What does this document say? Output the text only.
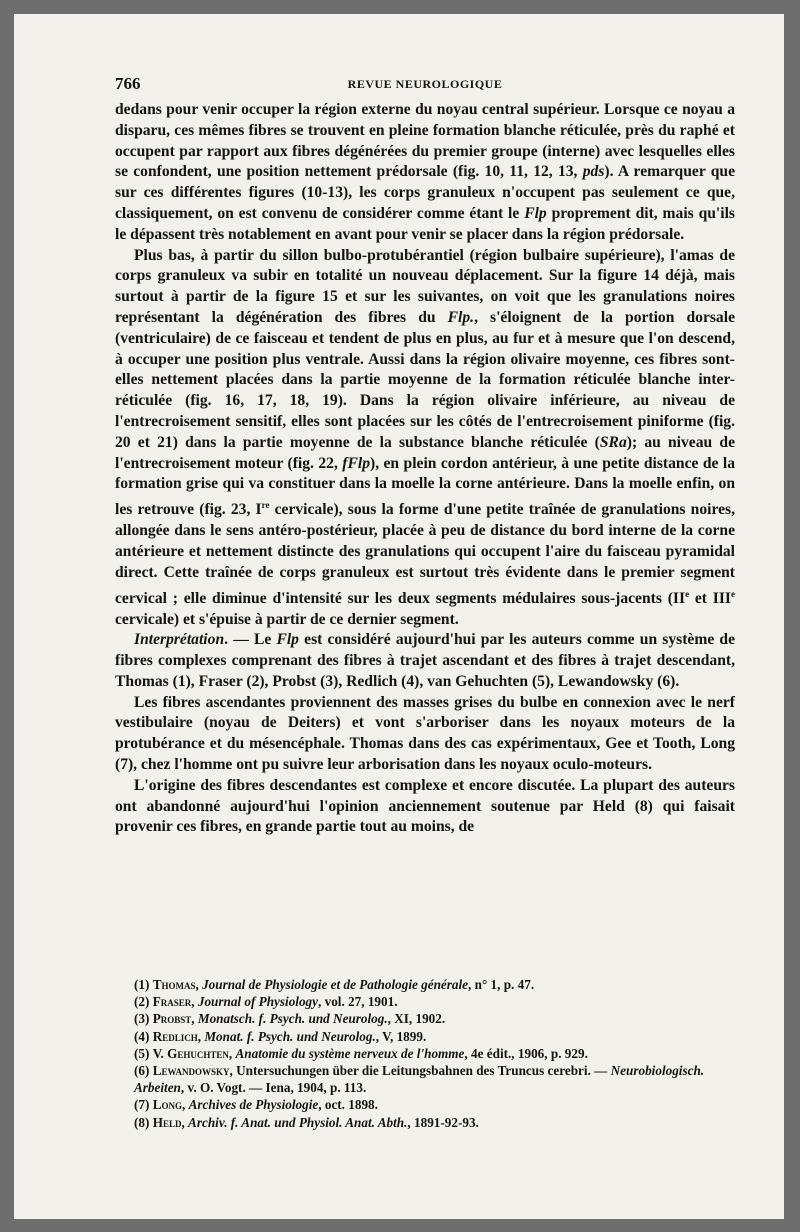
766	REVUE NEUROLOGIQUE

dedans pour venir occuper la région externe du noyau central supérieur. Lorsque ce noyau a disparu, ces mêmes fibres se trouvent en pleine formation blanche réticulée, près du raphé et occupent par rapport aux fibres dégénérées du premier groupe (interne) avec lesquelles elles se confondent, une position nettement prédorsale (fig. 10, 11, 12, 13, pds). A remarquer que sur ces différentes figures (10-13), les corps granuleux n'occupent pas seulement ce que, classiquement, on est convenu de considérer comme étant le Flp proprement dit, mais qu'ils le dépassent très notablement en avant pour venir se placer dans la région prédorsale.

Plus bas, à partir du sillon bulbo-protubérantiel (région bulbaire supérieure), l'amas de corps granuleux va subir en totalité un nouveau déplacement. Sur la figure 14 déjà, mais surtout à partir de la figure 15 et sur les suivantes, on voit que les granulations noires représentant la dégénération des fibres du Flp., s'éloignent de la portion dorsale (ventriculaire) de ce faisceau et tendent de plus en plus, au fur et à mesure que l'on descend, à occuper une position plus ventrale. Aussi dans la région olivaire moyenne, ces fibres sont-elles nettement placées dans la partie moyenne de la formation réticulée blanche inter-réticulée (fig. 16, 17, 18, 19). Dans la région olivaire inférieure, au niveau de l'entrecroisement sensitif, elles sont placées sur les côtés de l'entrecroisement piniforme (fig. 20 et 21) dans la partie moyenne de la substance blanche réticulée (SRa); au niveau de l'entrecroisement moteur (fig. 22, fFlp), en plein cordon antérieur, à une petite distance de la formation grise qui va constituer dans la moelle la corne antérieure. Dans la moelle enfin, on les retrouve (fig. 23, Ire cervicale), sous la forme d'une petite traînée de granulations noires, allongée dans le sens antéro-postérieur, placée à peu de distance du bord interne de la corne antérieure et nettement distincte des granulations qui occupent l'aire du faisceau pyramidal direct. Cette traînée de corps granuleux est surtout très évidente dans le premier segment cervical ; elle diminue d'intensité sur les deux segments médulaires sous-jacents (IIe et IIIe cervicale) et s'épuise à partir de ce dernier segment.

Interprétation. — Le Flp est considéré aujourd'hui par les auteurs comme un système de fibres complexes comprenant des fibres à trajet ascendant et des fibres à trajet descendant, Thomas (1), Fraser (2), Probst (3), Redlich (4), van Gehuchten (5), Lewandowsky (6).

Les fibres ascendantes proviennent des masses grises du bulbe en connexion avec le nerf vestibulaire (noyau de Deiters) et vont s'arboriser dans les noyaux moteurs de la protubérance et du mésencéphale. Thomas dans des cas expérimentaux, Gee et Tooth, Long (7), chez l'homme ont pu suivre leur arborisation dans les noyaux oculo-moteurs.

L'origine des fibres descendantes est complexe et encore discutée. La plupart des auteurs ont abandonné aujourd'hui l'opinion anciennement soutenue par Held (8) qui faisait provenir ces fibres, en grande partie tout au moins, de

(1) Thomas, Journal de Physiologie et de Pathologie générale, n° 1, p. 47.

(2) Fraser, Journal of Physiology, vol. 27, 1901.

(3) Probst, Monatsch. f. Psych. und Neurolog., XI, 1902.

(4) Redlich, Monat. f. Psych. und Neurolog., V, 1899.

(5) V. Gehuchten, Anatomie du système nerveux de l'homme, 4e édit., 1906, p. 929.

(6) Lewandowsky, Untersuchungen über die Leitungsbahnen des Truncus cerebri. — Neurobiologisch. Arbeiten, v. O. Vogt. — Iena, 1904, p. 113.

(7) Long, Archives de Physiologie, oct. 1898.

(8) Held, Archiv. f. Anat. und Physiol. Anat. Abth., 1891-92-93.
